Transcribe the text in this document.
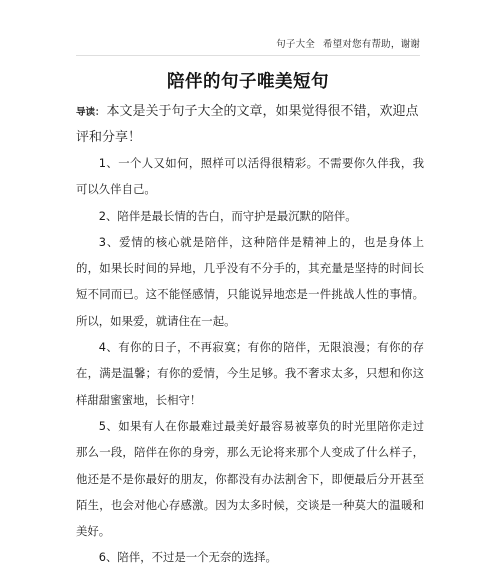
句子大全 希望对您有帮助，谢谢
陪伴的句子唯美短句
导读： 本文是关于句子大全的文章，如果觉得很不错，欢迎点评和分享！

1、一个人又如何，照样可以活得很精彩。不需要你久伴我，我可以久伴自己。

2、陪伴是最长情的告白，而守护是最沉默的陪伴。

3、爱情的核心就是陪伴，这种陪伴是精神上的，也是身体上的，如果长时间的异地，几乎没有不分手的，其充量是坚持的时间长短不同而已。这不能怪感情，只能说异地恋是一件挑战人性的事情。所以，如果爱，就请住在一起。

4、有你的日子，不再寂寞；有你的陪伴，无限浪漫；有你的存在，满是温馨；有你的爱情，今生足够。我不奢求太多，只想和你这样甜甜蜜蜜地，长相守！

5、如果有人在你最难过最美好最容易被辜负的时光里陪你走过那么一段，陪伴在你的身旁，那么无论将来那个人变成了什么样子，他还是不是你最好的朋友，你都没有办法割舍下，即便最后分开甚至陌生，也会对他心存感激。因为太多时候，交谈是一种莫大的温暖和美好。

6、陪伴，不过是一个无奈的选择。
